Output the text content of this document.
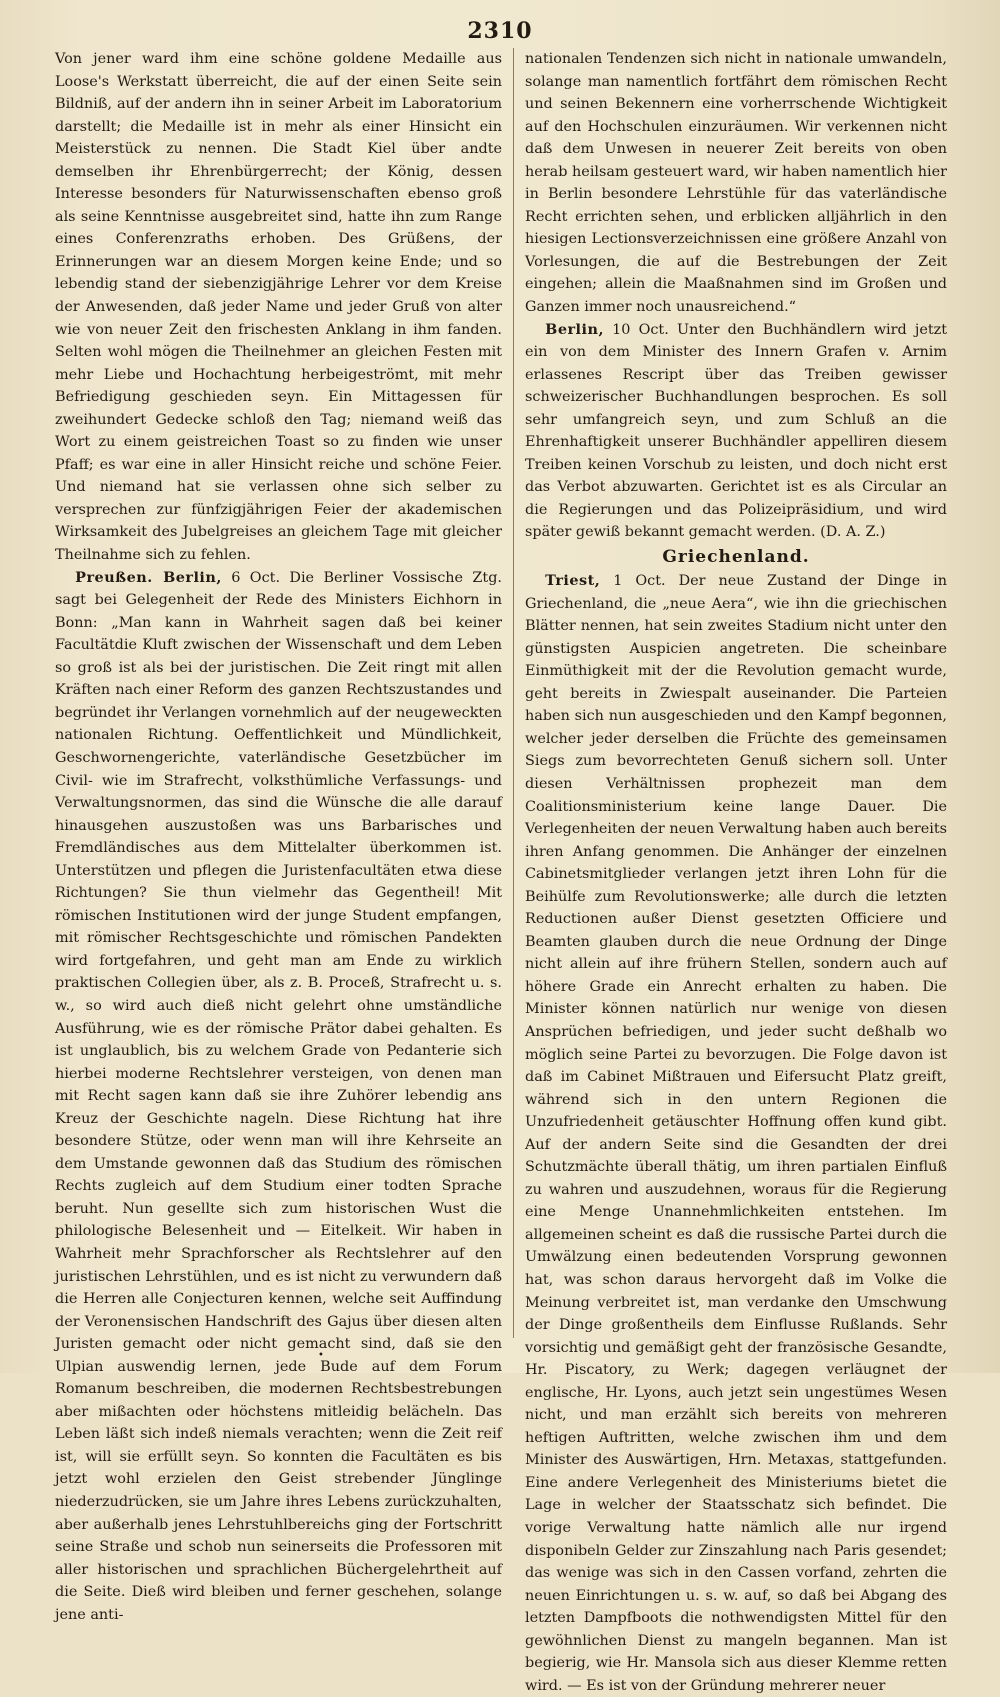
2310

Von jener ward ihm eine schöne goldene Medaille aus Loose's Werkstatt überreicht, die auf der einen Seite sein Bildniß, auf der andern ihn in seiner Arbeit im Laboratorium darstellt; die Medaille ist in mehr als einer Hinsicht ein Meisterstück zu nennen. Die Stadt Kiel über andte demselben ihr Ehrenbürgerrecht; der König, dessen Interesse besonders für Naturwissenschaften ebenso groß als seine Kenntnisse ausgebreitet sind, hatte ihn zum Range eines Conferenzraths erhoben. Des Grüßens, der Erinnerungen war an diesem Morgen keine Ende; und so lebendig stand der siebenzigjährige Lehrer vor dem Kreise der Anwesenden, daß jeder Name und jeder Gruß von alter wie von neuer Zeit den frischesten Anklang in ihm fanden. Selten wohl mögen die Theilnehmer an gleichen Festen mit mehr Liebe und Hochachtung herbeigeströmt, mit mehr Befriedigung geschieden seyn. Ein Mittagessen für zweihundert Gedecke schloß den Tag; niemand weiß das Wort zu einem geistreichen Toast so zu finden wie unser Pfaff; es war eine in aller Hinsicht reiche und schöne Feier. Und niemand hat sie verlassen ohne sich selber zu versprechen zur fünfzigjährigen Feier der akademischen Wirksamkeit des Jubelgreises an gleichem Tage mit gleicher Theilnahme sich zu fehlen.

Preußen. Berlin, 6 Oct. Die Berliner Vossische Ztg. sagt bei Gelegenheit der Rede des Ministers Eichhorn in Bonn: „Man kann in Wahrheit sagen daß bei keiner Facultätdie Kluft zwischen der Wissenschaft und dem Leben so groß ist als bei der juristischen. Die Zeit ringt mit allen Kräften nach einer Reform des ganzen Rechtszustandes und begründet ihr Verlangen vornehmlich auf der neugeweckten nationalen Richtung. Oeffentlichkeit und Mündlichkeit, Geschwornengerichte, vaterländische Gesetzbücher im Civil- wie im Strafrecht, volksthümliche Verfassungs- und Verwaltungsnormen, das sind die Wünsche die alle darauf hinausgehen auszustoßen was uns Barbarisches und Fremdländisches aus dem Mittelalter überkommen ist. Unterstützen und pflegen die Juristenfacultäten etwa diese Richtungen? Sie thun vielmehr das Gegentheil! Mit römischen Institutionen wird der junge Student empfangen, mit römischer Rechtsgeschichte und römischen Pandekten wird fortgefahren, und geht man am Ende zu wirklich praktischen Collegien über, als z. B. Proceß, Strafrecht u. s. w., so wird auch dieß nicht gelehrt ohne umständliche Ausführung, wie es der römische Prätor dabei gehalten. Es ist unglaublich, bis zu welchem Grade von Pedanterie sich hierbei moderne Rechtslehrer versteigen, von denen man mit Recht sagen kann daß sie ihre Zuhörer lebendig ans Kreuz der Geschichte nageln. Diese Richtung hat ihre besondere Stütze, oder wenn man will ihre Kehrseite an dem Umstande gewonnen daß das Studium des römischen Rechts zugleich auf dem Studium einer todten Sprache beruht. Nun gesellte sich zum historischen Wust die philologische Belesenheit und — Eitelkeit. Wir haben in Wahrheit mehr Sprachforscher als Rechtslehrer auf den juristischen Lehrstühlen, und es ist nicht zu verwundern daß die Herren alle Conjecturen kennen, welche seit Auffindung der Veronensischen Handschrift des Gajus über diesen alten Juristen gemacht oder nicht gemacht sind, daß sie den Ulpian auswendig lernen, jede Bude auf dem Forum Romanum beschreiben, die modernen Rechtsbestrebungen aber mißachten oder höchstens mitleidig belächeln. Das Leben läßt sich indeß niemals verachten; wenn die Zeit reif ist, will sie erfüllt seyn. So konnten die Facultäten es bis jetzt wohl erzielen den Geist strebender Jünglinge niederzudrücken, sie um Jahre ihres Lebens zurückzuhalten, aber außerhalb jenes Lehrstuhlbereichs ging der Fortschritt seine Straße und schob nun seinerseits die Professoren mit aller historischen und sprachlichen Büchergelehrtheit auf die Seite. Dieß wird bleiben und ferner geschehen, solange jene anti-

nationalen Tendenzen sich nicht in nationale umwandeln, solange man namentlich fortfährt dem römischen Recht und seinen Bekennern eine vorherrschende Wichtigkeit auf den Hochschulen einzuräumen. Wir verkennen nicht daß dem Unwesen in neuerer Zeit bereits von oben herab heilsam gesteuert ward, wir haben namentlich hier in Berlin besondere Lehrstühle für das vaterländische Recht errichten sehen, und erblicken alljährlich in den hiesigen Lectionsverzeichnissen eine größere Anzahl von Vorlesungen, die auf die Bestrebungen der Zeit eingehen; allein die Maaßnahmen sind im Großen und Ganzen immer noch unausreichend.“

Berlin, 10 Oct. Unter den Buchhändlern wird jetzt ein von dem Minister des Innern Grafen v. Arnim erlassenes Rescript über das Treiben gewisser schweizerischer Buchhandlungen besprochen. Es soll sehr umfangreich seyn, und zum Schluß an die Ehrenhaftigkeit unserer Buchhändler appelliren diesem Treiben keinen Vorschub zu leisten, und doch nicht erst das Verbot abzuwarten. Gerichtet ist es als Circular an die Regierungen und das Polizeipräsidium, und wird später gewiß bekannt gemacht werden. (D. A. Z.)

Griechenland.

Triest, 1 Oct. Der neue Zustand der Dinge in Griechenland, die „neue Aera“, wie ihn die griechischen Blätter nennen, hat sein zweites Stadium nicht unter den günstigsten Auspicien angetreten. Die scheinbare Einmüthigkeit mit der die Revolution gemacht wurde, geht bereits in Zwiespalt auseinander. Die Parteien haben sich nun ausgeschieden und den Kampf begonnen, welcher jeder derselben die Früchte des gemeinsamen Siegs zum bevorrechteten Genuß sichern soll. Unter diesen Verhältnissen prophezeit man dem Coalitionsministerium keine lange Dauer. Die Verlegenheiten der neuen Verwaltung haben auch bereits ihren Anfang genommen. Die Anhänger der einzelnen Cabinetsmitglieder verlangen jetzt ihren Lohn für die Beihülfe zum Revolutionswerke; alle durch die letzten Reductionen außer Dienst gesetzten Officiere und Beamten glauben durch die neue Ordnung der Dinge nicht allein auf ihre frühern Stellen, sondern auch auf höhere Grade ein Anrecht erhalten zu haben. Die Minister können natürlich nur wenige von diesen Ansprüchen befriedigen, und jeder sucht deßhalb wo möglich seine Partei zu bevorzugen. Die Folge davon ist daß im Cabinet Mißtrauen und Eifersucht Platz greift, während sich in den untern Regionen die Unzufriedenheit getäuschter Hoffnung offen kund gibt. Auf der andern Seite sind die Gesandten der drei Schutzmächte überall thätig, um ihren partialen Einfluß zu wahren und auszudehnen, woraus für die Regierung eine Menge Unannehmlichkeiten entstehen. Im allgemeinen scheint es daß die russische Partei durch die Umwälzung einen bedeutenden Vorsprung gewonnen hat, was schon daraus hervorgeht daß im Volke die Meinung verbreitet ist, man verdanke den Umschwung der Dinge großentheils dem Einflusse Rußlands. Sehr vorsichtig und gemäßigt geht der französische Gesandte, Hr. Piscatory, zu Werk; dagegen verläugnet der englische, Hr. Lyons, auch jetzt sein ungestümes Wesen nicht, und man erzählt sich bereits von mehreren heftigen Auftritten, welche zwischen ihm und dem Minister des Auswärtigen, Hrn. Metaxas, stattgefunden. Eine andere Verlegenheit des Ministeriums bietet die Lage in welcher der Staatsschatz sich befindet. Die vorige Verwaltung hatte nämlich alle nur irgend disponibeln Gelder zur Zinszahlung nach Paris gesendet; das wenige was sich in den Cassen vorfand, zehrten die neuen Einrichtungen u. s. w. auf, so daß bei Abgang des letzten Dampfboots die nothwendigsten Mittel für den gewöhnlichen Dienst zu mangeln begannen. Man ist begierig, wie Hr. Mansola sich aus dieser Klemme retten wird. — Es ist von der Gründung mehrerer neuer

•
